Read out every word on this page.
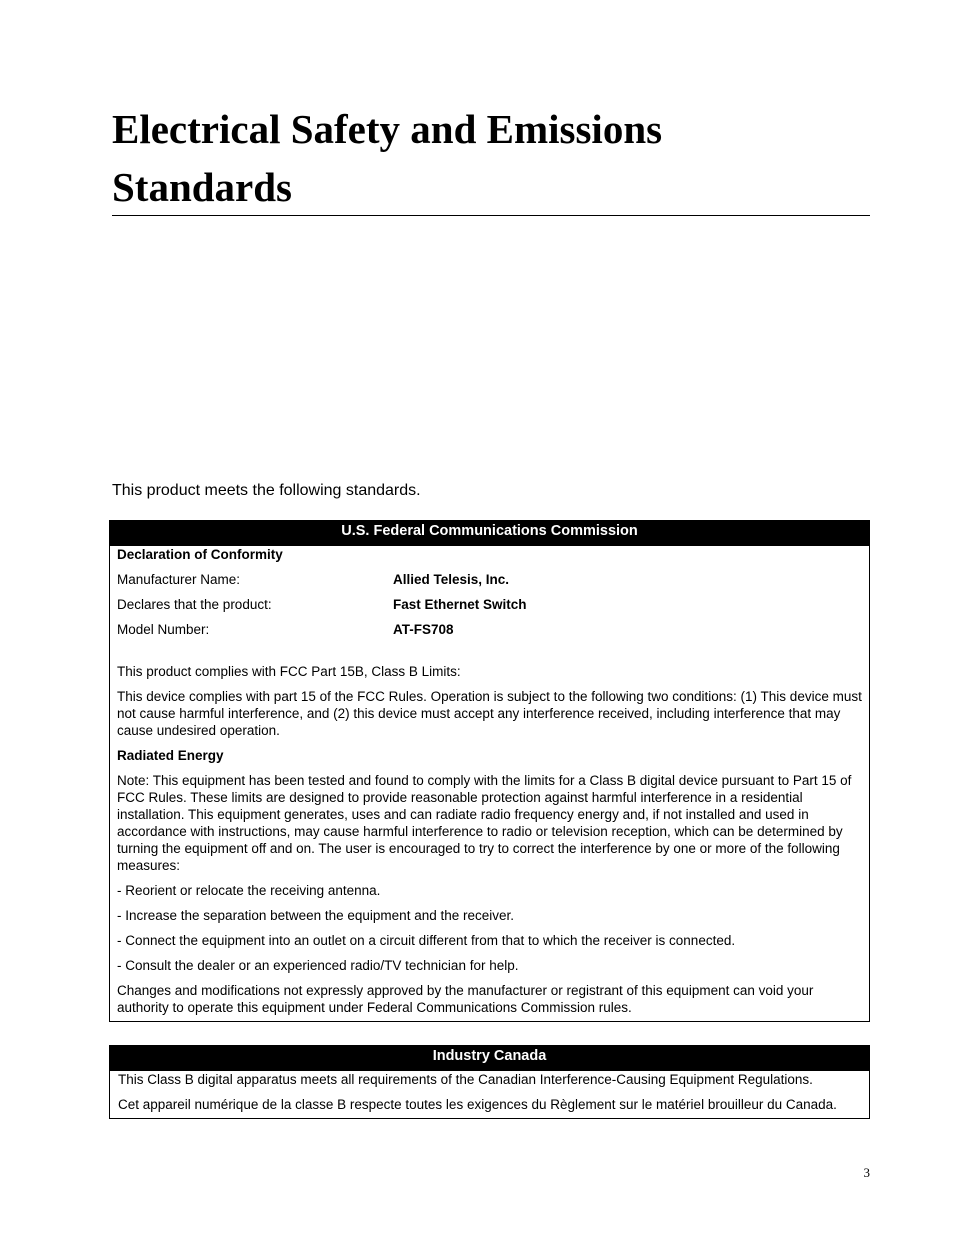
Electrical Safety and Emissions
Standards
This product meets the following standards.
U.S. Federal Communications Commission
Declaration of Conformity
Manufacturer Name:	Allied Telesis, Inc.
Declares that the product:	Fast Ethernet Switch
Model Number:	AT-FS708
This product complies with FCC Part 15B, Class B Limits:
This device complies with part 15 of the FCC Rules. Operation is subject to the following two conditions: (1) This device must not cause harmful interference, and (2) this device must accept any interference received, including interference that may cause undesired operation.
Radiated Energy
Note: This equipment has been tested and found to comply with the limits for a Class B digital device pursuant to Part 15 of FCC Rules. These limits are designed to provide reasonable protection against harmful interference in a residential installation. This equipment generates, uses and can radiate radio frequency energy and, if not installed and used in accordance with instructions, may cause harmful interference to radio or television reception, which can be determined by turning the equipment off and on. The user is encouraged to try to correct the interference by one or more of the following measures:
- Reorient or relocate the receiving antenna.
- Increase the separation between the equipment and the receiver.
- Connect the equipment into an outlet on a circuit different from that to which the receiver is connected.
- Consult the dealer or an experienced radio/TV technician for help.
Changes and modifications not expressly approved by the manufacturer or registrant of this equipment can void your authority to operate this equipment under Federal Communications Commission rules.
Industry Canada
This Class B digital apparatus meets all requirements of the Canadian Interference-Causing Equipment Regulations.
Cet appareil numérique de la classe B respecte toutes les exigences du Règlement sur le matériel brouilleur du Canada.
3
